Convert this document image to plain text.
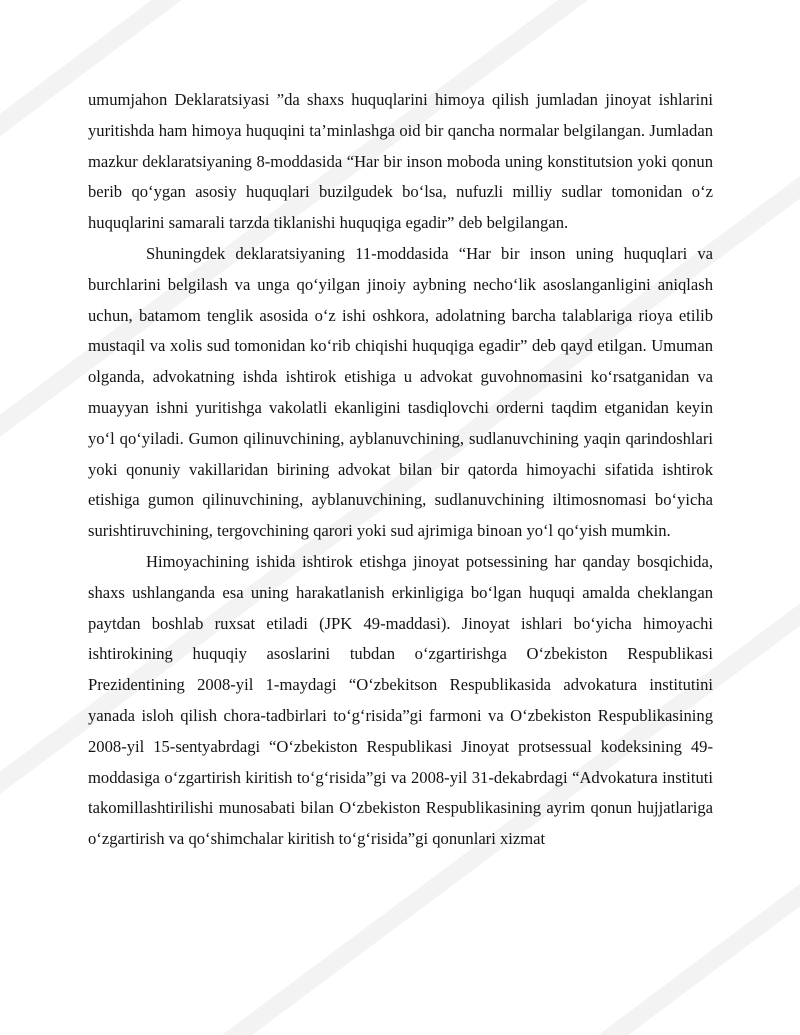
umumjahon Deklaratsiyasi ”da shaxs huquqlarini himoya qilish jumladan jinoyat ishlarini yuritishda ham himoya huquqini ta’minlashga oid bir qancha normalar belgilangan. Jumladan mazkur deklaratsiyaning 8-moddasida “Har bir inson moboda uning konstitutsion yoki qonun berib qo‘ygan asosiy huquqlari buzilgudek bo‘lsa, nufuzli milliy sudlar tomonidan o‘z huquqlarini samarali tarzda tiklanishi huquqiga egadir” deb belgilangan.

Shuningdek deklaratsiyaning 11-moddasida “Har bir inson uning huquqlari va burchlarini belgilash va unga qo‘yilgan jinoiy aybning necho‘lik asoslanganligini aniqlash uchun, batamom tenglik asosida o‘z ishi oshkora, adolatning barcha talablariga rioya etilib mustaqil va xolis sud tomonidan ko‘rib chiqishi huquqiga egadir” deb qayd etilgan. Umuman olganda, advokatning ishda ishtirok etishiga u advokat guvohnomasini ko‘rsatganidan va muayyan ishni yuritishga vakolatli ekanligini tasdiqlovchi orderni taqdim etganidan keyin yo‘l qo‘yiladi. Gumon qilinuvchining, ayblanuvchining, sudlanuvchining yaqin qarindoshlari yoki qonuniy vakillaridan birining advokat bilan bir qatorda himoyachi sifatida ishtirok etishiga gumon qilinuvchining, ayblanuvchining, sudlanuvchining iltimosnomasi bo‘yicha surishtiruvchining, tergovchining qarori yoki sud ajrimiga binoan yo‘l qo‘yish mumkin.

Himoyachining ishida ishtirok etishga jinoyat potsessining har qanday bosqichida, shaxs ushlanganda esa uning harakatlanish erkinligiga bo‘lgan huquqi amalda cheklangan paytdan boshlab ruxsat etiladi (JPK 49-maddasi). Jinoyat ishlari bo‘yicha himoyachi ishtirokining huquqiy asoslarini tubdan o‘zgartirishga O‘zbekiston Respublikasi Prezidentining 2008-yil 1-maydagi “O‘zbekitson Respublikasida advokatura institutini yanada isloh qilish chora-tadbirlari to‘g‘risida”gi farmoni va O‘zbekiston Respublikasining 2008-yil 15-sentyabrdagi “O‘zbekiston Respublikasi Jinoyat protsessual kodeksining 49-moddasiga o‘zgartirish kiritish to‘g‘risida”gi va 2008-yil 31-dekabrdagi “Advokatura instituti takomillashtirilishi munosabati bilan O‘zbekiston Respublikasining ayrim qonun hujjatlariga o‘zgartirish va qo‘shimchalar kiritish to‘g‘risida”gi qonunlari xizmat
